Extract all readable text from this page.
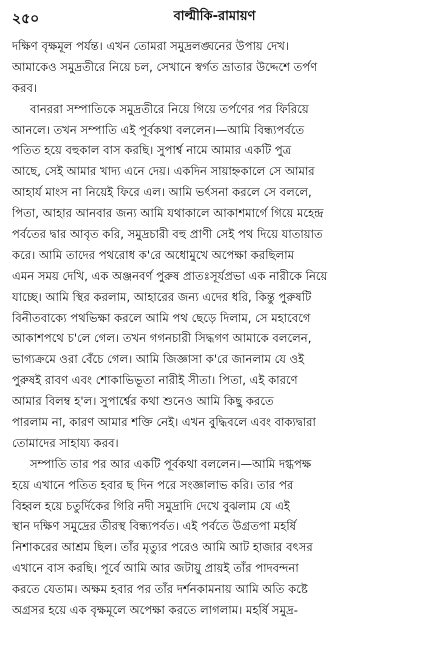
২৫০	বাল্মীকি-রামায়ণ
দক্ষিণ বৃক্ষমূল পর্যন্ত। এখন তোমরা সমুদ্রলঙ্ঘনের উপায় দেখ।
আমাকেও সমুদ্রতীরে নিয়ে চল, সেখানে স্বর্গত ভ্রাতার উদ্দেশে তর্পণ
করব।
বানররা সম্পাতিকে সমুদ্রতীরে নিয়ে গিয়ে তর্পণের পর ফিরিয়ে
আনলে। তখন সম্পাতি এই পূর্বকথা বললেন।—আমি বিন্ধ্যপর্বতে
পতিত হয়ে বহুকাল বাস করছি। সুপার্শ্ব নামে আমার একটি পুত্র
আছে, সেই আমার খাদ্য এনে দেয়। একদিন সায়াহ্নকালে সে আমার
আহার্য মাংস না নিয়েই ফিরে এল। আমি ভর্ৎসনা করলে সে বললে,
পিতা, আহার আনবার জন্য আমি যথাকালে আকাশমার্গে গিয়ে মহেন্দ্র
পর্বতের দ্বার আবৃত করি, সমুদ্রচারী বহু প্রাণী সেই পথ দিয়ে যাতায়াত
করে। আমি তাদের পথরোধ ক'রে অধোমুখে অপেক্ষা করছিলাম
এমন সময় দেখি, এক অঞ্জনবর্ণ পুরুষ প্রাতঃসূর্যপ্রভা এক নারীকে নিয়ে
যাচ্ছে। আমি স্থির করলাম, আহারের জন্য এদের ধরি, কিন্তু পুরুষটি
বিনীতবাক্যে পথভিক্ষা করলে আমি পথ ছেড়ে দিলাম, সে মহাবেগে
আকাশপথে চ'লে গেল। তখন গগনচারী সিদ্ধগণ আমাকে বললেন,
ভাগ্যক্রমে ওরা বেঁচে গেল। আমি জিজ্ঞাসা ক'রে জানলাম যে ওই
পুরুষই রাবণ এবং শোকাভিভূতা নারীই সীতা। পিতা, এই কারণে
আমার বিলম্ব হ'ল। সুপার্শ্বের কথা শুনেও আমি কিছু করতে
পারলাম না, কারণ আমার শক্তি নেই। এখন বুদ্ধিবলে এবং বাক্যদ্বারা
তোমাদের সাহায্য করব।
সম্পাতি তার পর আর একটি পূর্বকথা বললেন।—আমি দগ্ধপক্ষ
হয়ে এখানে পতিত হবার ছ দিন পরে সংজ্ঞালাভ করি। তার পর
বিহ্বল হয়ে চতুর্দিকের গিরি নদী সমুদ্রাদি দেখে বুঝলাম যে এই
স্থান দক্ষিণ সমুদ্রের তীরস্থ বিন্ধ্যপর্বত। এই পর্বতে উগ্রতপা মহর্ষি
নিশাকরের আশ্রম ছিল। তাঁর মৃত্যুর পরেও আমি আট হাজার বৎসর
এখানে বাস করছি। পূর্বে আমি আর জটায়ু প্রায়ই তাঁর পাদবন্দনা
করতে যেতাম। অক্ষম হবার পর তাঁর দর্শনকামনায় আমি অতি কষ্টে
অগ্রসর হয়ে এক বৃক্ষমূলে অপেক্ষা করতে লাগলাম। মহর্ষি সমুদ্র-
